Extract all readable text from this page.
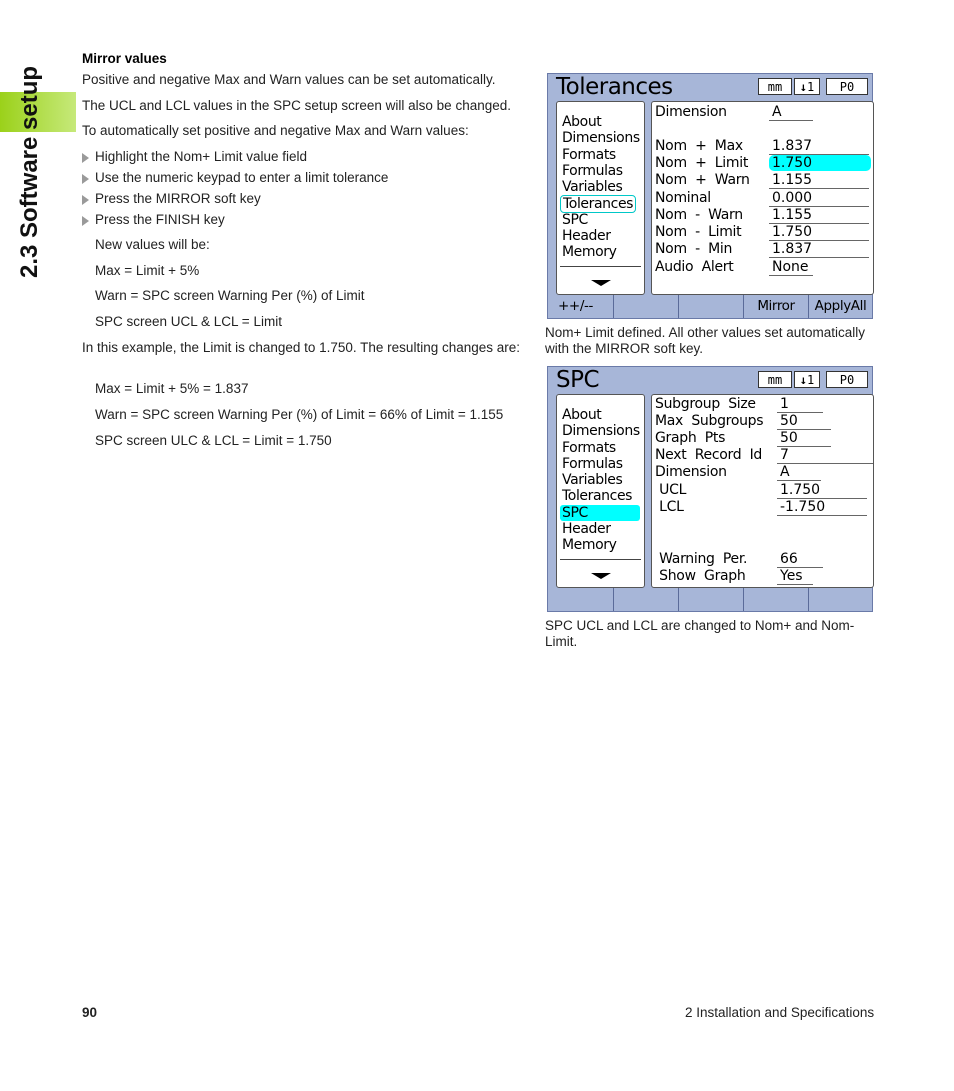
2.3 Software setup
Mirror values
Positive and negative Max and Warn values can be set automatically.
The UCL and LCL values in the SPC setup screen will also be changed.
To automatically set positive and negative Max and Warn values:
Highlight the Nom+ Limit value field
Use the numeric keypad to enter a limit tolerance
Press the MIRROR soft key
Press the FINISH key
New values will be:
Max = Limit + 5%
Warn = SPC screen Warning Per (%) of Limit
SPC screen UCL & LCL = Limit
In this example, the Limit is changed to 1.750. The resulting changes are:
Max = Limit + 5% = 1.837
Warn = SPC screen Warning Per (%) of Limit = 66% of Limit = 1.155
SPC screen ULC & LCL = Limit = 1.750
Tolerances	mm	↓1	P0
About
Dimensions
Formats
Formulas
Variables
Tolerances
SPC
Header
Memory
Dimension	A
Nom  +  Max 1.837
Nom  +  Limit 1.750
Nom  +  Warn 1.155
Nominal	0.000
Nom  -  Warn 1.155
Nom  -  Limit 1.750
Nom  -  Min	1.837
Audio  Alert	None
++/--	Mirror	ApplyAll
Nom+ Limit defined. All other values set automatically with the MIRROR soft key.
SPC	mm	↓1	P0
About
Dimensions
Formats
Formulas
Variables
Tolerances
SPC
Header
Memory
Subgroup  Size 1
Max  Subgroups 50
Graph  Pts	50
Next  Record  Id 7
Dimension	A
UCL	1.750
LCL	-1.750
Warning  Per. 66
Show  Graph Yes
SPC UCL and LCL are changed to Nom+ and Nom- Limit.
90	2 Installation and Specifications
